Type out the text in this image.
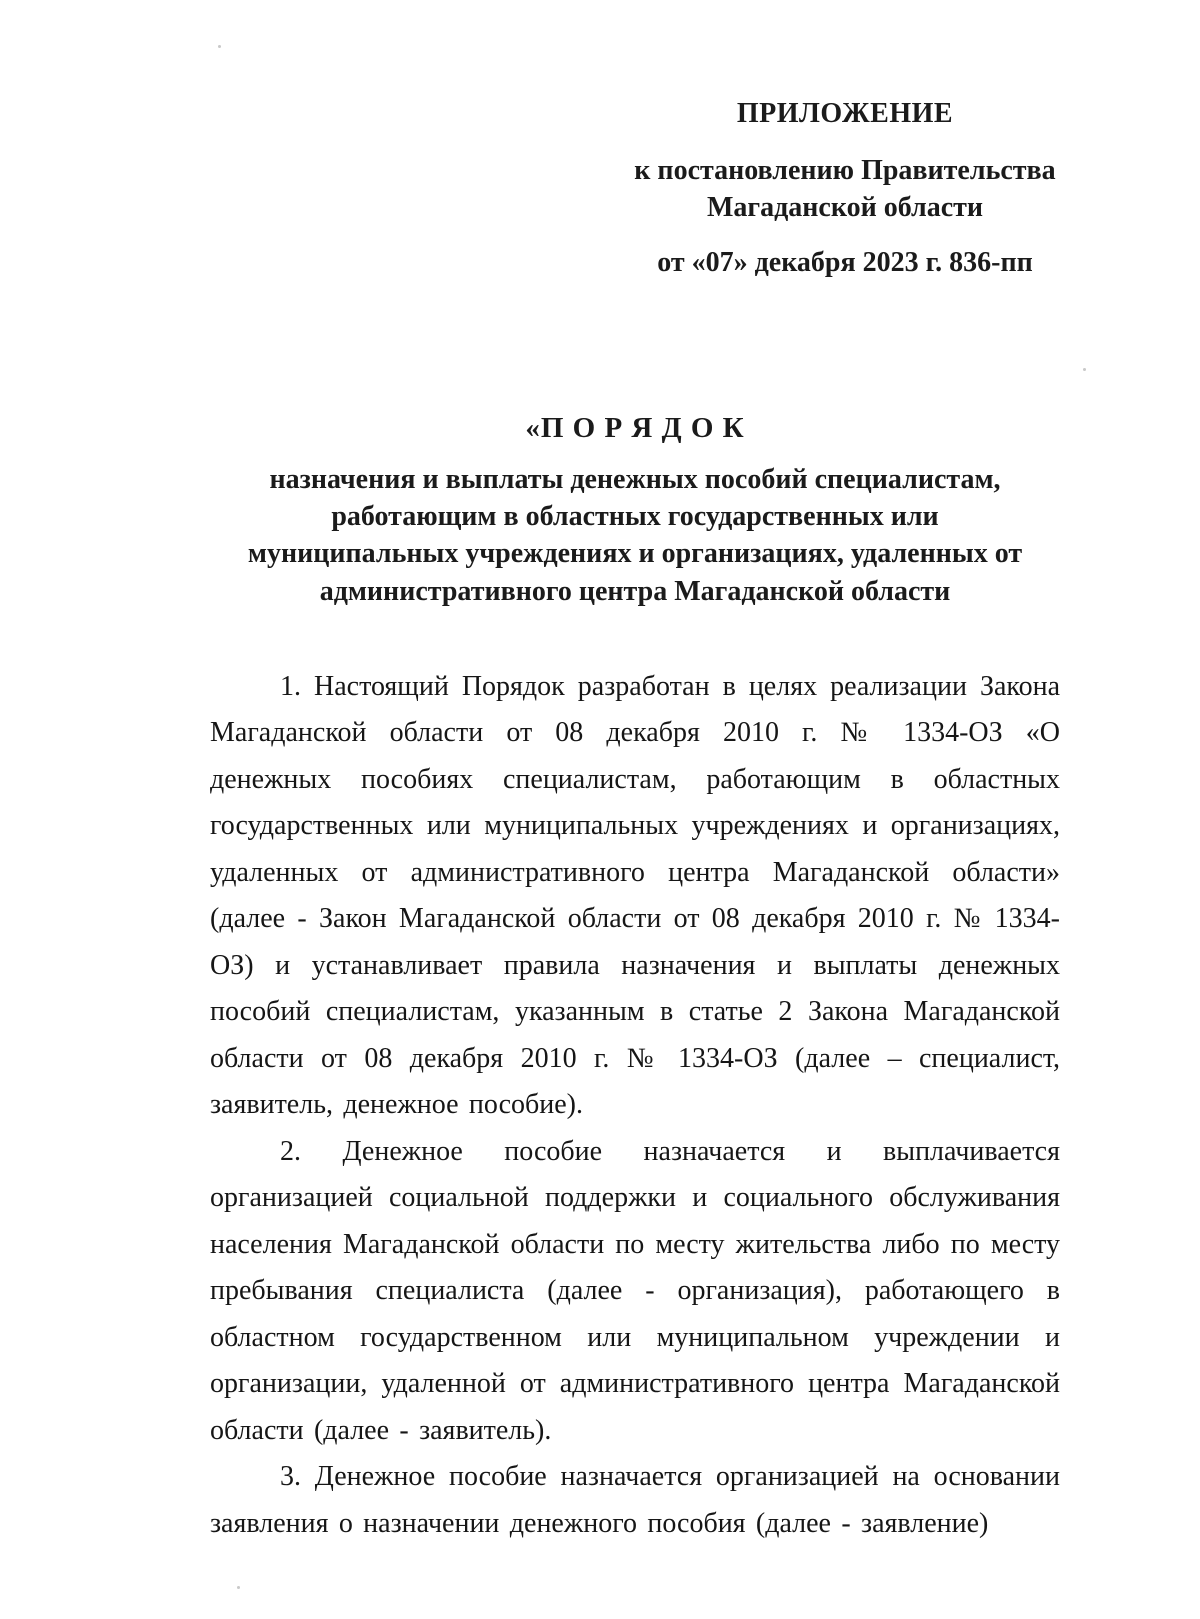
ПРИЛОЖЕНИЕ
к постановлению Правительства Магаданской области
от «07» декабря 2023 г. 836-пп
«П О Р Я Д О К
назначения и выплаты денежных пособий специалистам, работающим в областных государственных или муниципальных учреждениях и организациях, удаленных от административного центра Магаданской области

1. Настоящий Порядок разработан в целях реализации Закона Магаданской области от 08 декабря 2010 г. № 1334-ОЗ «О денежных пособиях специалистам, работающим в областных государственных или муниципальных учреждениях и организациях, удаленных от административного центра Магаданской области» (далее - Закон Магаданской области от 08 декабря 2010 г. № 1334-ОЗ) и устанавливает правила назначения и выплаты денежных пособий специалистам, указанным в статье 2 Закона Магаданской области от 08 декабря 2010 г. № 1334-ОЗ (далее – специалист, заявитель, денежное пособие).

2. Денежное пособие назначается и выплачивается организацией социальной поддержки и социального обслуживания населения Магаданской области по месту жительства либо по месту пребывания специалиста (далее - организация), работающего в областном государственном или муниципальном учреждении и организации, удаленной от административного центра Магаданской области (далее - заявитель).

3. Денежное пособие назначается организацией на основании заявления о назначении денежного пособия (далее - заявление)
